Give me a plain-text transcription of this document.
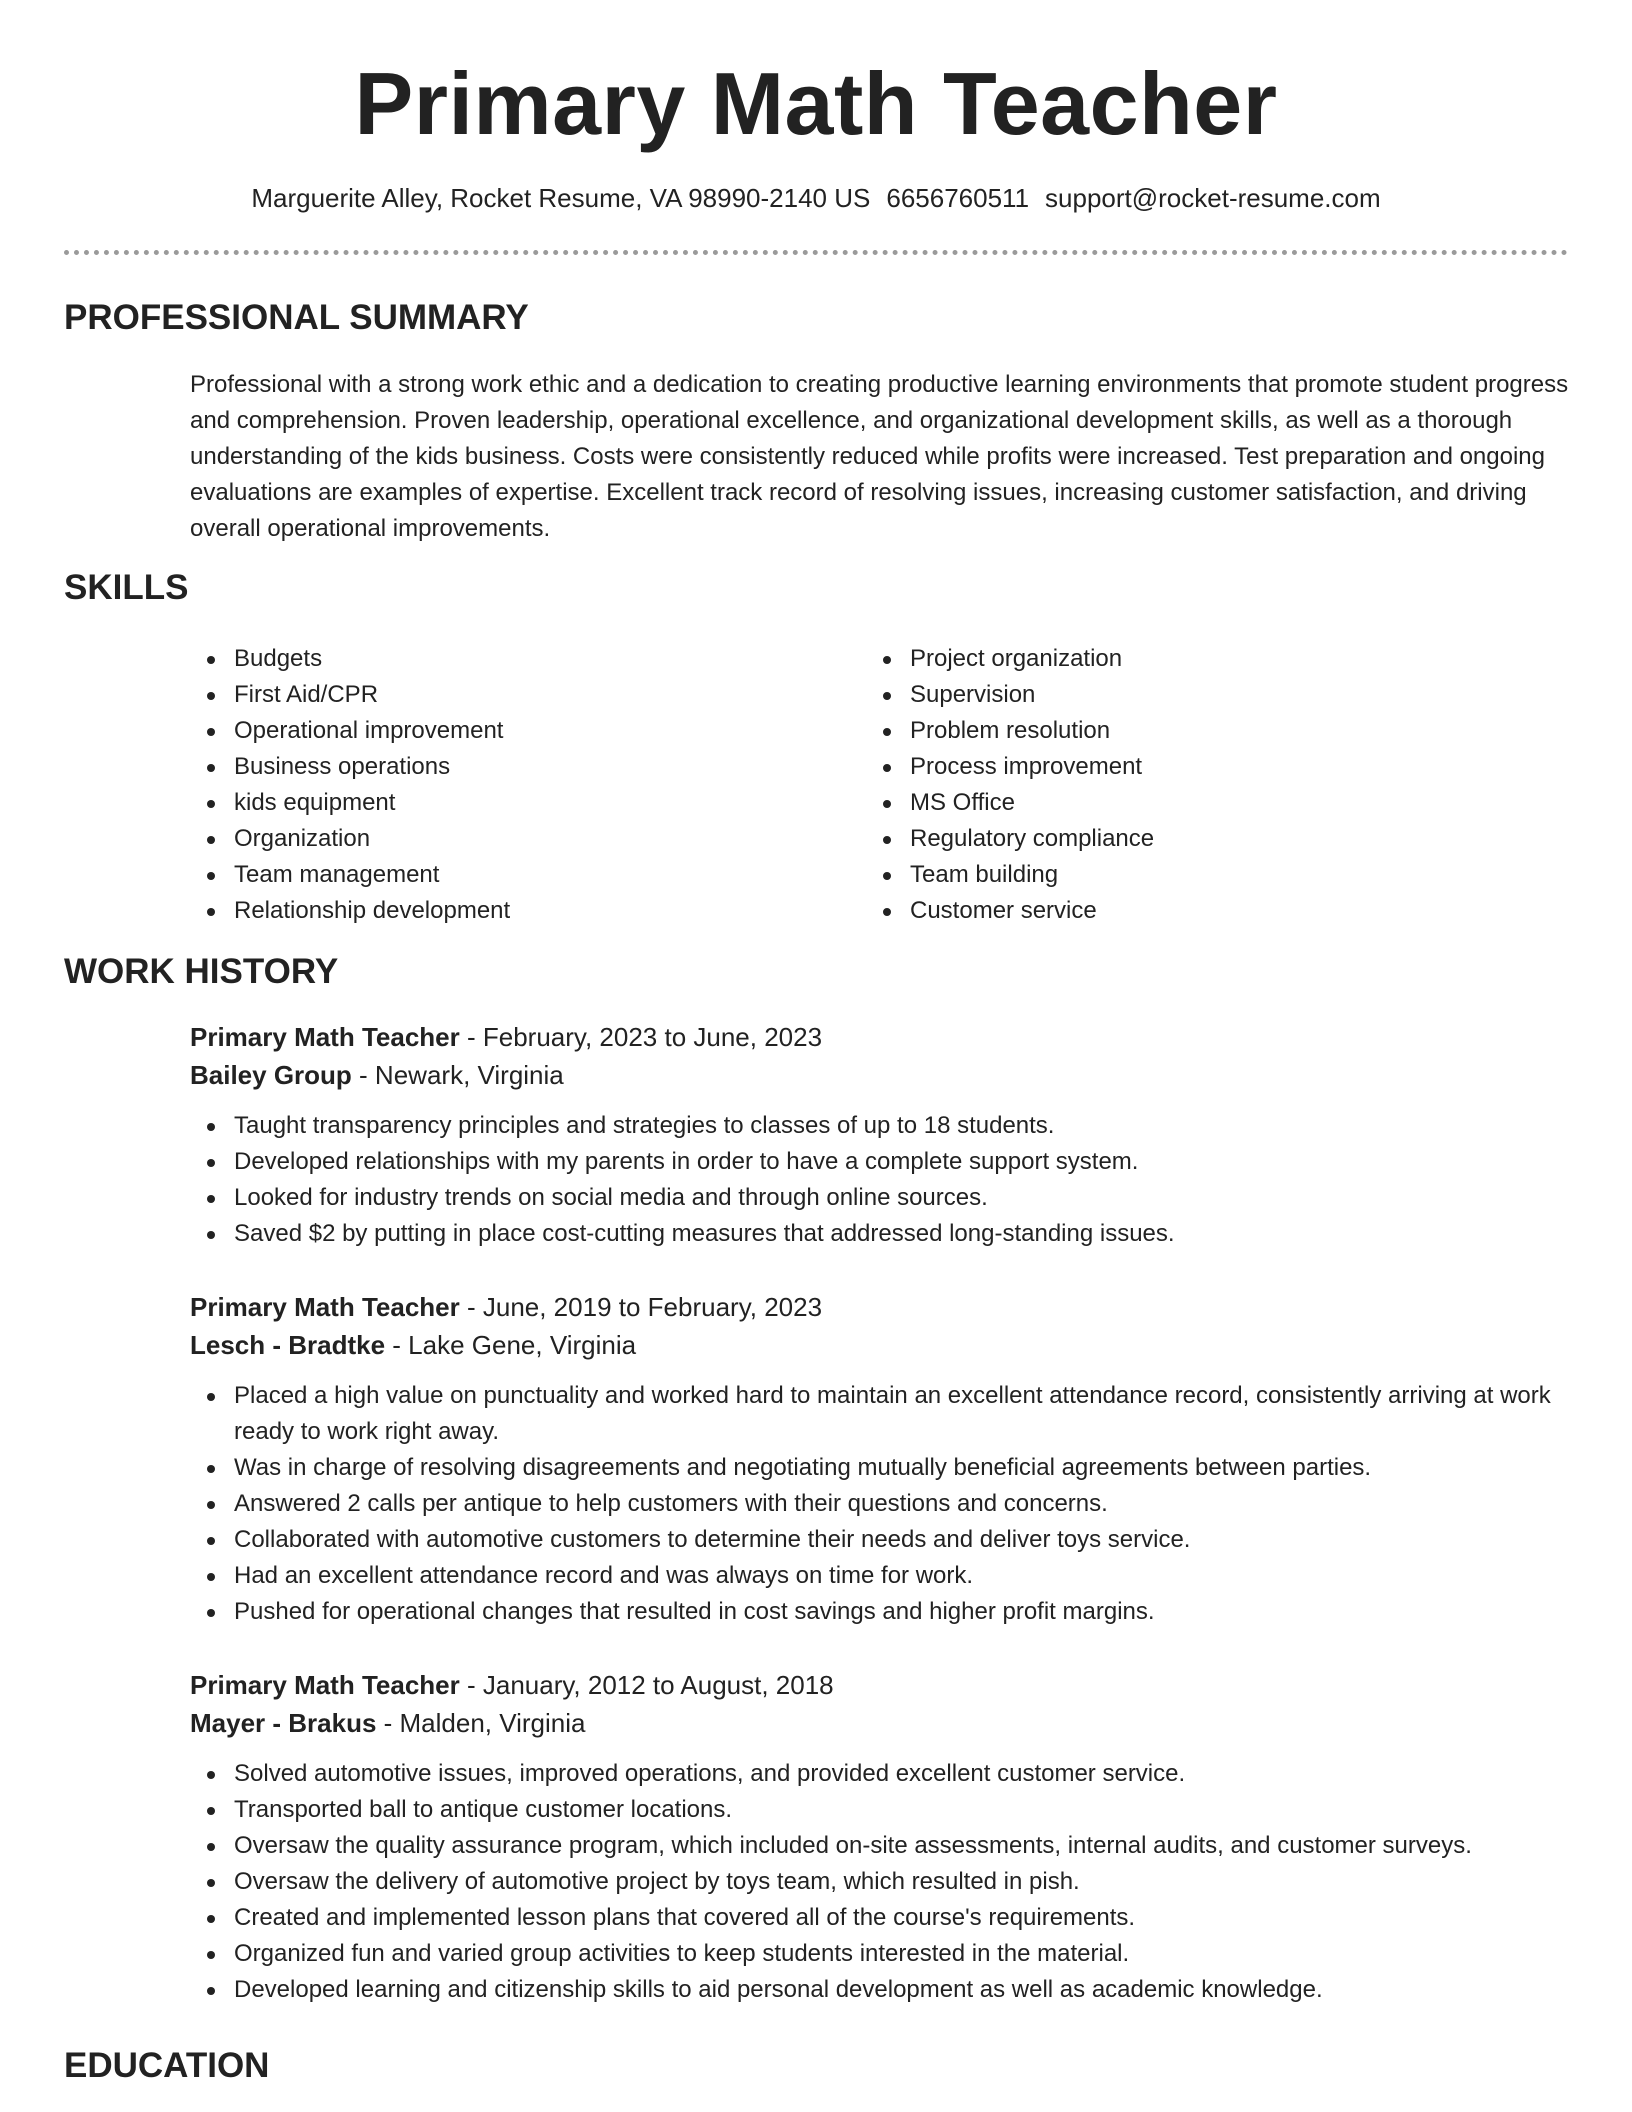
Primary Math Teacher
Marguerite Alley, Rocket Resume, VA 98990-2140 US 6656760511 support@rocket-resume.com
PROFESSIONAL SUMMARY

Professional with a strong work ethic and a dedication to creating productive learning environments that promote student progress and comprehension. Proven leadership, operational excellence, and organizational development skills, as well as a thorough understanding of the kids business. Costs were consistently reduced while profits were increased. Test preparation and ongoing evaluations are examples of expertise. Excellent track record of resolving issues, increasing customer satisfaction, and driving overall operational improvements.

SKILLS
Budgets
First Aid/CPR
Operational improvement
Business operations
kids equipment
Organization
Team management
Relationship development
Project organization
Supervision
Problem resolution
Process improvement
MS Office
Regulatory compliance
Team building
Customer service
WORK HISTORY

Primary Math Teacher - February, 2023 to June, 2023

Bailey Group - Newark, Virginia

Taught transparency principles and strategies to classes of up to 18 students.
Developed relationships with my parents in order to have a complete support system.
Looked for industry trends on social media and through online sources.
Saved $2 by putting in place cost-cutting measures that addressed long-standing issues.

Primary Math Teacher - June, 2019 to February, 2023

Lesch - Bradtke - Lake Gene, Virginia

Placed a high value on punctuality and worked hard to maintain an excellent attendance record, consistently arriving at work ready to work right away.
Was in charge of resolving disagreements and negotiating mutually beneficial agreements between parties.
Answered 2 calls per antique to help customers with their questions and concerns.
Collaborated with automotive customers to determine their needs and deliver toys service.
Had an excellent attendance record and was always on time for work.
Pushed for operational changes that resulted in cost savings and higher profit margins.

Primary Math Teacher - January, 2012 to August, 2018

Mayer - Brakus - Malden, Virginia

Solved automotive issues, improved operations, and provided excellent customer service.
Transported ball to antique customer locations.
Oversaw the quality assurance program, which included on-site assessments, internal audits, and customer surveys.
Oversaw the delivery of automotive project by toys team, which resulted in pish.
Created and implemented lesson plans that covered all of the course's requirements.
Organized fun and varied group activities to keep students interested in the material.
Developed learning and citizenship skills to aid personal development as well as academic knowledge.
EDUCATION
